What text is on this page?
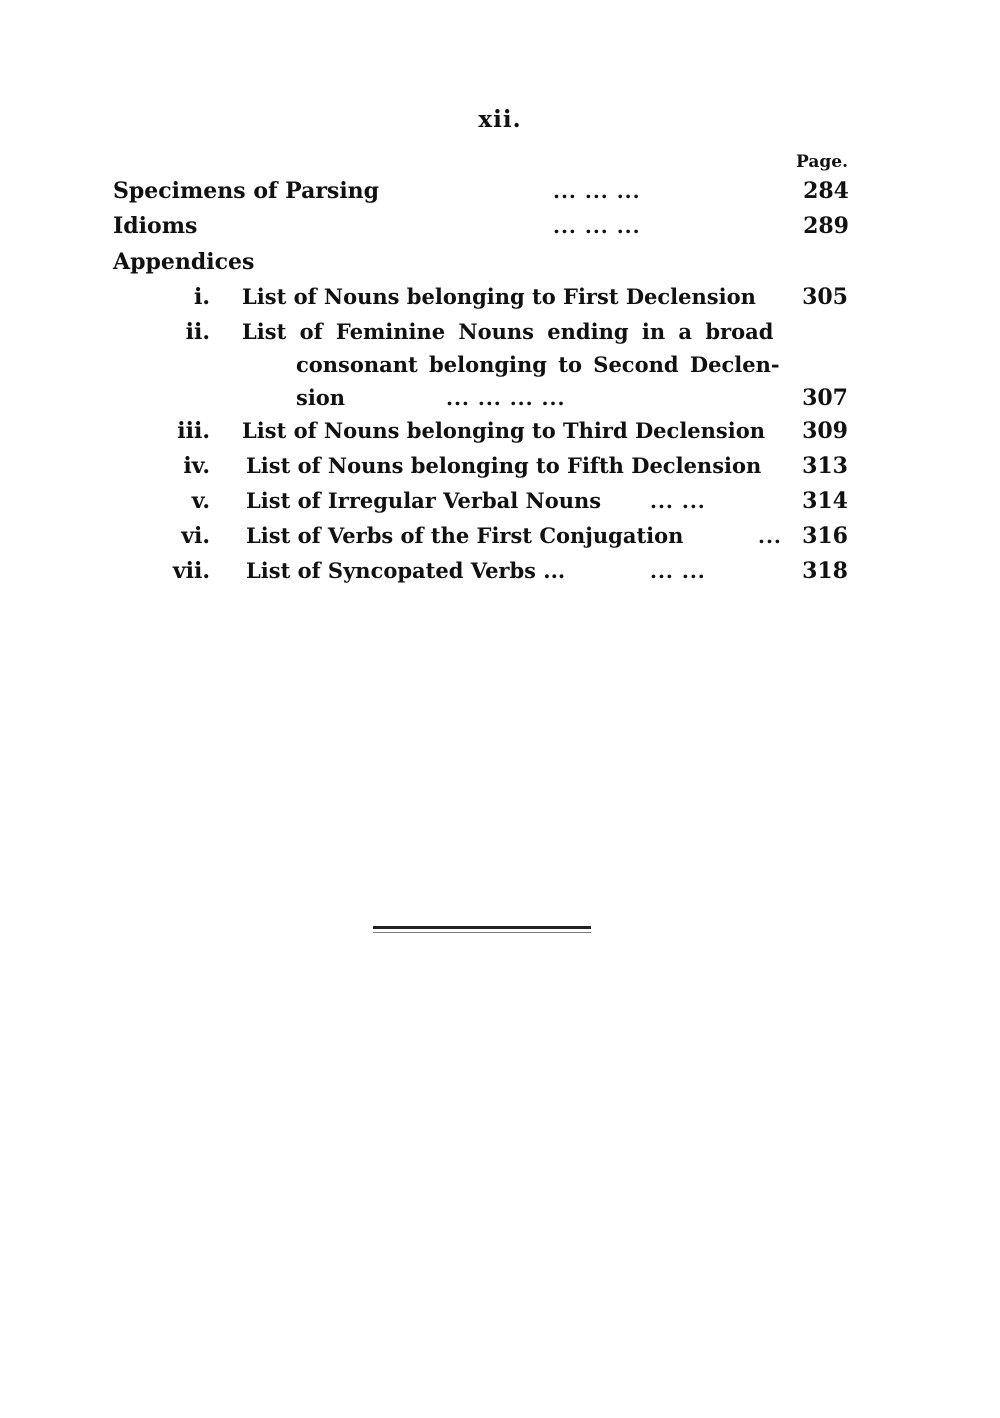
xii.
Page.
Specimens of Parsing	... ... ...	284
Idioms	... ... ...	289
Appendices
i. List of Nouns belonging to First Declension 305
ii. List of Feminine Nouns ending in a broad
consonant belonging to Second Declen-
sion	... ... ... ...	307
iii. List of Nouns belonging to Third Declension 309
iv. List of Nouns belonging to Fifth Declension 313
v. List of Irregular Verbal Nouns ... ...	314
vi. List of Verbs of the First Conjugation	... 316
vii. List of Syncopated Verbs ...	... ...	318
